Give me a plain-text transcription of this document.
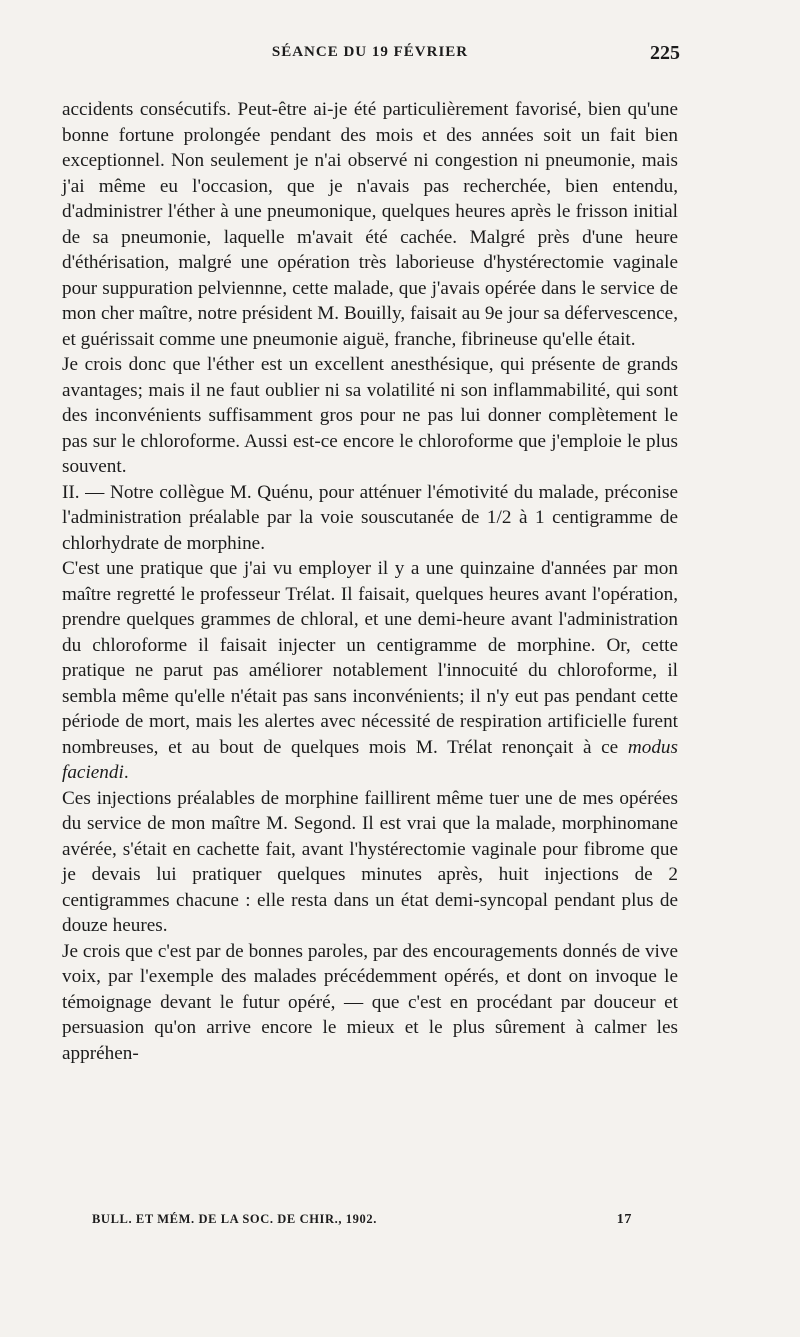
SÉANCE DU 19 FÉVRIER	225

accidents consécutifs. Peut-être ai-je été particulièrement favorisé, bien qu'une bonne fortune prolongée pendant des mois et des années soit un fait bien exceptionnel. Non seulement je n'ai observé ni congestion ni pneumonie, mais j'ai même eu l'occasion, que je n'avais pas recherchée, bien entendu, d'administrer l'éther à une pneumonique, quelques heures après le frisson initial de sa pneumonie, laquelle m'avait été cachée. Malgré près d'une heure d'éthérisation, malgré une opération très laborieuse d'hystérectomie vaginale pour suppuration pelviennne, cette malade, que j'avais opérée dans le service de mon cher maître, notre président M. Bouilly, faisait au 9e jour sa défervescence, et guérissait comme une pneumonie aiguë, franche, fibrineuse qu'elle était.

Je crois donc que l'éther est un excellent anesthésique, qui présente de grands avantages; mais il ne faut oublier ni sa volatilité ni son inflammabilité, qui sont des inconvénients suffisamment gros pour ne pas lui donner complètement le pas sur le chloroforme. Aussi est-ce encore le chloroforme que j'emploie le plus souvent.

II. — Notre collègue M. Quénu, pour atténuer l'émotivité du malade, préconise l'administration préalable par la voie souscutanée de 1/2 à 1 centigramme de chlorhydrate de morphine.

C'est une pratique que j'ai vu employer il y a une quinzaine d'années par mon maître regretté le professeur Trélat. Il faisait, quelques heures avant l'opération, prendre quelques grammes de chloral, et une demi-heure avant l'administration du chloroforme il faisait injecter un centigramme de morphine. Or, cette pratique ne parut pas améliorer notablement l'innocuité du chloroforme, il sembla même qu'elle n'était pas sans inconvénients; il n'y eut pas pendant cette période de mort, mais les alertes avec nécessité de respiration artificielle furent nombreuses, et au bout de quelques mois M. Trélat renonçait à ce modus faciendi.

Ces injections préalables de morphine faillirent même tuer une de mes opérées du service de mon maître M. Segond. Il est vrai que la malade, morphinomane avérée, s'était en cachette fait, avant l'hystérectomie vaginale pour fibrome que je devais lui pratiquer quelques minutes après, huit injections de 2 centigrammes chacune : elle resta dans un état demi-syncopal pendant plus de douze heures.

Je crois que c'est par de bonnes paroles, par des encouragements donnés de vive voix, par l'exemple des malades précédemment opérés, et dont on invoque le témoignage devant le futur opéré, — que c'est en procédant par douceur et persuasion qu'on arrive encore le mieux et le plus sûrement à calmer les appréhen-

BULL. ET MÉM. DE LA SOC. DE CHIR., 1902.	17
